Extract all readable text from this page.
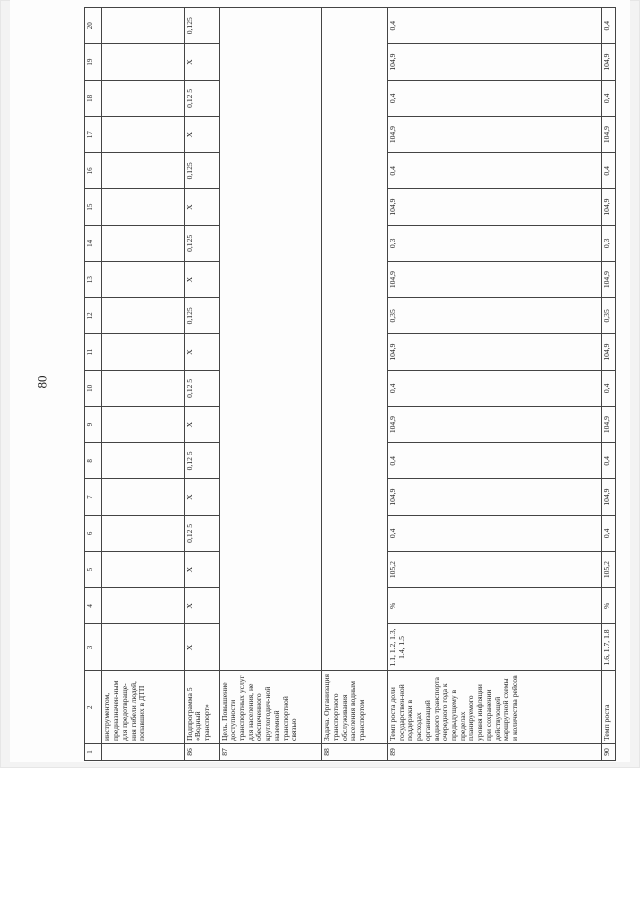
80
1	2	3	4	5	6	7	8	9	10	11	12	13	14	15	16	17	18	19	20
	инструментом, предназначен-ным для предотвраще-ния гибели людей, попавших в ДТП																		
86	Подпрограмма 5 «Водный транспорт»	X	X	X	0,12 5	X	0,12 5	X	0,12 5	X	0,125	X	0,125	X	0,125	X	0,12 5	X	0,125
87	Цель. Повышение доступности транспортных услуг для населения, не обеспеченного круглогодич-ной наземной транспортной связью																		
88	Задача. Организация транспортного обслуживания населения водным транспортом																		
89	Темп роста доли государствен-ной поддержки в расходах организаций водного транспорта очередного года к предыдущему в пределах планируемого уровня инфляции при сохранении действующей маршрутной схемы и количества рейсов	1.1, 1.2, 1.3, 1.4, 1.5	%	105,2	0,4	104,9	0,4	104,9	0,4	104,9	0,35	104,9	0,3	104,9	0,4	104,9	0,4	104,9	0,4
90	Темп роста	1.6, 1.7, 1.8	%	105,2	0,4	104,9	0,4	104,9	0,4	104,9	0,35	104,9	0,3	104,9	0,4	104,9	0,4	104,9	0,4
